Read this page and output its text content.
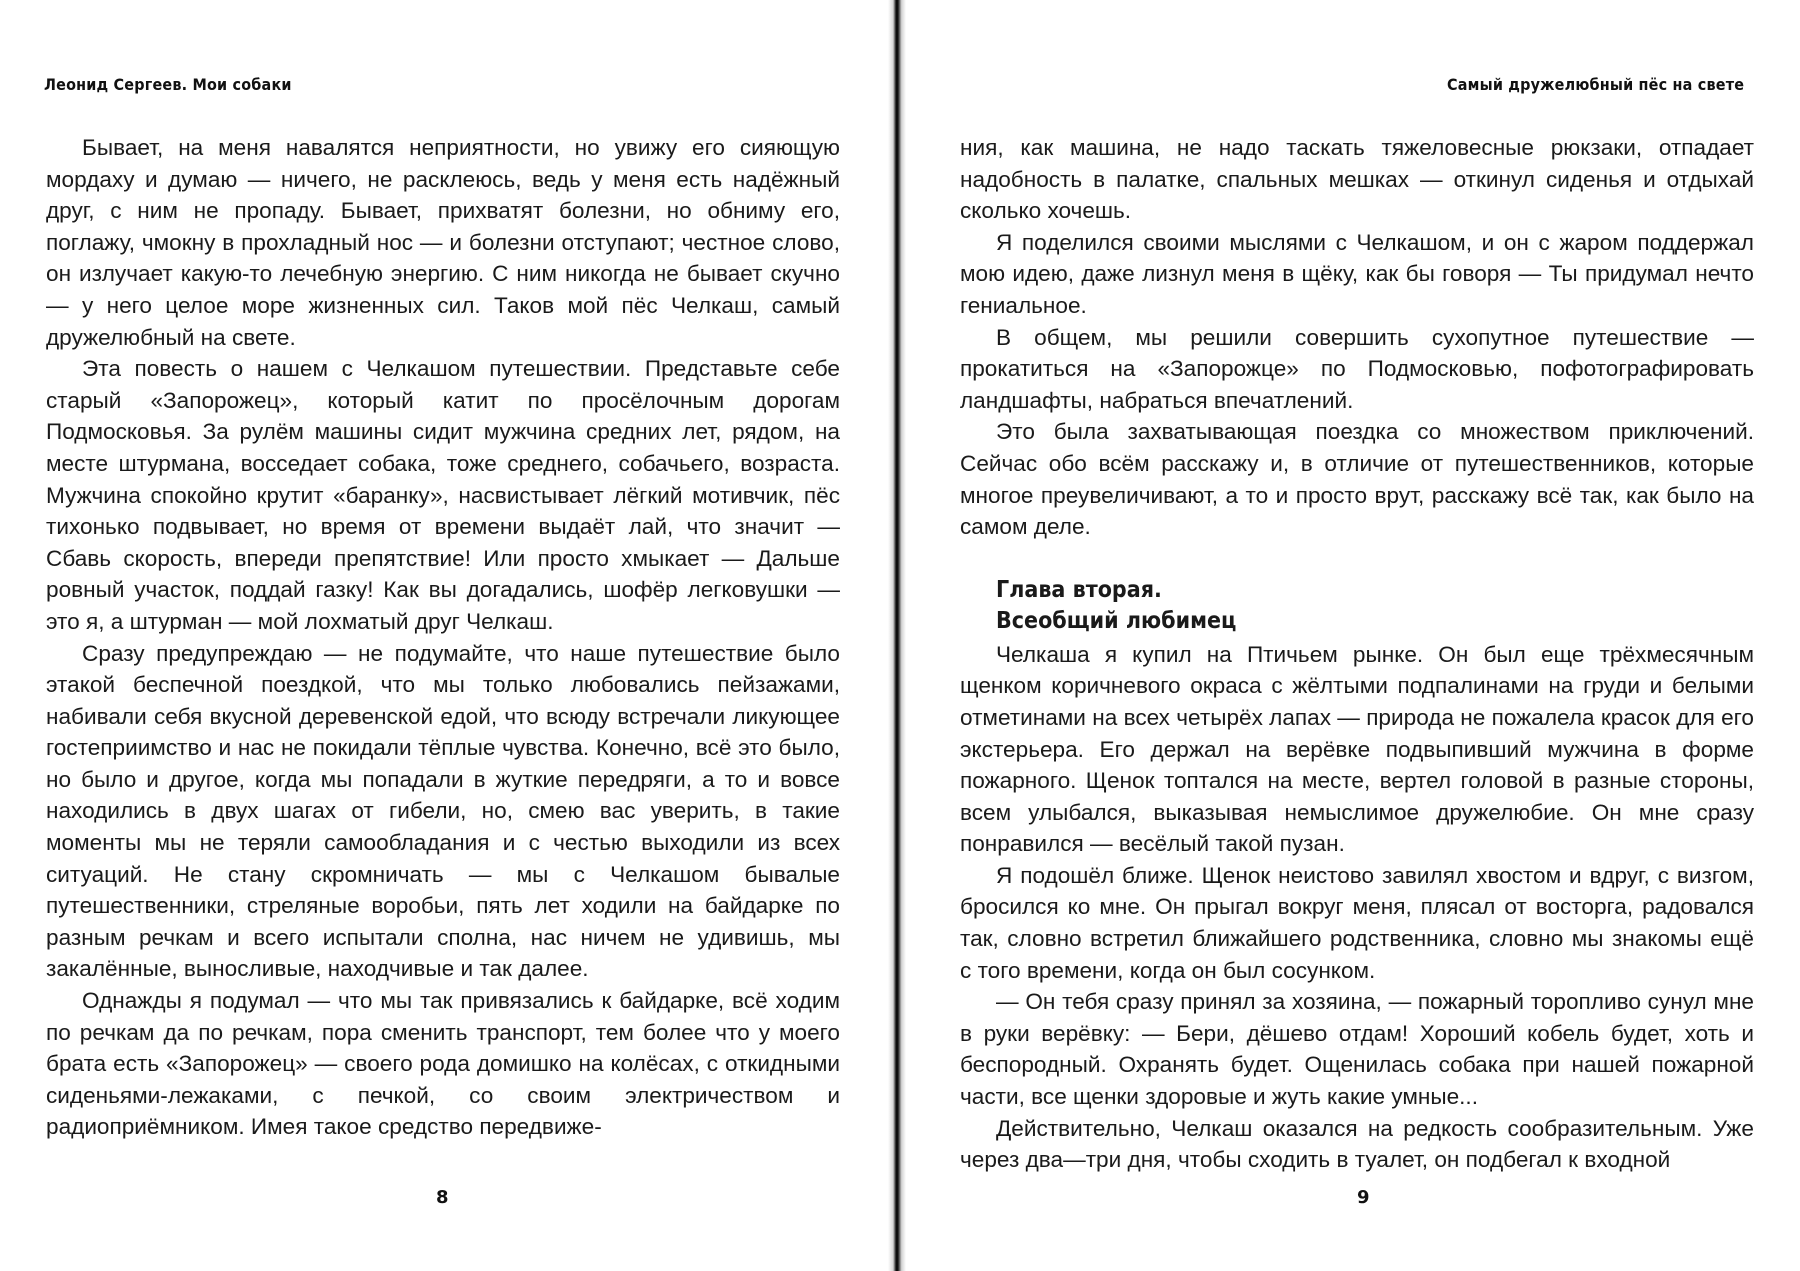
Леонид Сергеев. Мои собаки

Бывает, на меня навалятся неприятности, но увижу его сияющую мордаху и думаю — ничего, не расклеюсь, ведь у меня есть надёжный друг, с ним не пропаду. Бывает, прихватят болезни, но обниму его, поглажу, чмокну в прохладный нос — и болезни отступают; честное слово, он излучает какую-то лечебную энергию. С ним никогда не бывает скучно — у него целое море жизненных сил. Таков мой пёс Челкаш, самый дружелюбный на свете.

Эта повесть о нашем с Челкашом путешествии. Представьте себе старый «Запорожец», который катит по просёлочным дорогам Подмосковья. За рулём машины сидит мужчина средних лет, рядом, на месте штурмана, восседает собака, тоже среднего, собачьего, возраста. Мужчина спокойно крутит «баранку», насвистывает лёгкий мотивчик, пёс тихонько подвывает, но время от времени выдаёт лай, что значит — Сбавь скорость, впереди препятствие! Или просто хмыкает — Дальше ровный участок, поддай газку! Как вы догадались, шофёр легковушки — это я, а штурман — мой лохматый друг Челкаш.

Сразу предупреждаю — не подумайте, что наше путешествие было этакой беспечной поездкой, что мы только любовались пейзажами, набивали себя вкусной деревенской едой, что всюду встречали ликующее гостеприимство и нас не покидали тёплые чувства. Конечно, всё это было, но было и другое, когда мы попадали в жуткие передряги, а то и вовсе находились в двух шагах от гибели, но, смею вас уверить, в такие моменты мы не теряли самообладания и с честью выходили из всех ситуаций. Не стану скромничать — мы с Челкашом бывалые путешественники, стреляные воробьи, пять лет ходили на байдарке по разным речкам и всего испытали сполна, нас ничем не удивишь, мы закалённые, выносливые, находчивые и так далее.

Однажды я подумал — что мы так привязались к байдарке, всё ходим по речкам да по речкам, пора сменить транспорт, тем более что у моего брата есть «Запорожец» — своего рода домишко на колёсах, с откидными сиденьями-лежаками, с печкой, со своим электричеством и радиоприёмником. Имея такое средство передвиже-

8
Самый дружелюбный пёс на свете

ния, как машина, не надо таскать тяжеловесные рюкзаки, отпадает надобность в палатке, спальных мешках — откинул сиденья и отдыхай сколько хочешь.

Я поделился своими мыслями с Челкашом, и он с жаром поддержал мою идею, даже лизнул меня в щёку, как бы говоря — Ты придумал нечто гениальное.

В общем, мы решили совершить сухопутное путешествие — прокатиться на «Запорожце» по Подмосковью, пофотографировать ландшафты, набраться впечатлений.

Это была захватывающая поездка со множеством приключений. Сейчас обо всём расскажу и, в отличие от путешественников, которые многое преувеличивают, а то и просто врут, расскажу всё так, как было на самом деле.

Глава вторая.
Всеобщий любимец

Челкаша я купил на Птичьем рынке. Он был еще трёхмесячным щенком коричневого окраса с жёлтыми подпалинами на груди и белыми отметинами на всех четырёх лапах — природа не пожалела красок для его экстерьера. Его держал на верёвке подвыпивший мужчина в форме пожарного. Щенок топтался на месте, вертел головой в разные стороны, всем улыбался, выказывая немыслимое дружелюбие. Он мне сразу понравился — весёлый такой пузан.

Я подошёл ближе. Щенок неистово завилял хвостом и вдруг, с визгом, бросился ко мне. Он прыгал вокруг меня, плясал от восторга, радовался так, словно встретил ближайшего родственника, словно мы знакомы ещё с того времени, когда он был сосунком.

— Он тебя сразу принял за хозяина, — пожарный торопливо сунул мне в руки верёвку: — Бери, дёшево отдам! Хороший кобель будет, хоть и беспородный. Охранять будет. Ощенилась собака при нашей пожарной части, все щенки здоровые и жуть какие умные...

Действительно, Челкаш оказался на редкость сообразительным. Уже через два—три дня, чтобы сходить в туалет, он подбегал к входной

9
